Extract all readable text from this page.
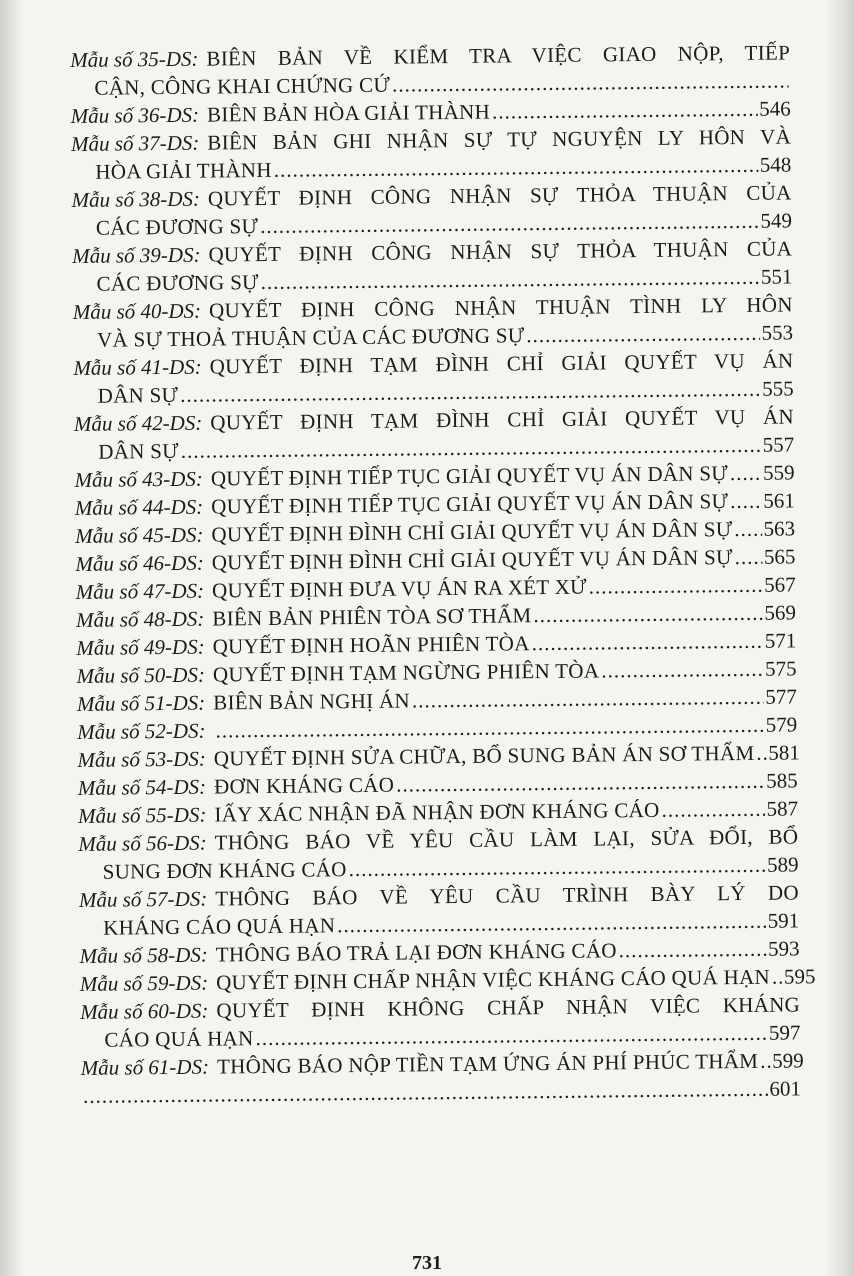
Mẫu số 35-DS: BIÊN BẢN VỀ KIỂM TRA VIỆC GIAO NỘP, TIẾP
CẬN, CÔNG KHAI CHỨNG CỨ
.....
Mẫu số 36-DS: BIÊN BẢN HÒA GIẢI THÀNH .....	546
Mẫu số 37-DS: BIÊN BẢN GHI NHẬN SỰ TỰ NGUYỆN LY HÔN VÀ
HÒA GIẢI THÀNH .....	548
Mẫu số 38-DS: QUYẾT ĐỊNH CÔNG NHẬN SỰ THỎA THUẬN CỦA
CÁC ĐƯƠNG SỰ .....	549
Mẫu số 39-DS: QUYẾT ĐỊNH CÔNG NHẬN SỰ THỎA THUẬN CỦA
CÁC ĐƯƠNG SỰ .....	551
Mẫu số 40-DS: QUYẾT ĐỊNH CÔNG NHẬN THUẬN TÌNH LY HÔN
VÀ SỰ THOẢ THUẬN CỦA CÁC ĐƯƠNG SỰ .....	553
Mẫu số 41-DS: QUYẾT ĐỊNH TẠM ĐÌNH CHỈ GIẢI QUYẾT VỤ ÁN
DÂN SỰ .....	555
Mẫu số 42-DS: QUYẾT ĐỊNH TẠM ĐÌNH CHỈ GIẢI QUYẾT VỤ ÁN
DÂN SỰ .....	557
Mẫu số 43-DS: QUYẾT ĐỊNH TIẾP TỤC GIẢI QUYẾT VỤ ÁN DÂN SỰ ..... 559
Mẫu số 44-DS: QUYẾT ĐỊNH TIẾP TỤC GIẢI QUYẾT VỤ ÁN DÂN SỰ ..... 561
Mẫu số 45-DS: QUYẾT ĐỊNH ĐÌNH CHỈ GIẢI QUYẾT VỤ ÁN DÂN SỰ ..... 563
Mẫu số 46-DS: QUYẾT ĐỊNH ĐÌNH CHỈ GIẢI QUYẾT VỤ ÁN DÂN SỰ ..... 565
Mẫu số 47-DS: QUYẾT ĐỊNH ĐƯA VỤ ÁN RA XÉT XỬ .....	567
Mẫu số 48-DS: BIÊN BẢN PHIÊN TÒA SƠ THẨM .....	569
Mẫu số 49-DS: QUYẾT ĐỊNH HOÃN PHIÊN TÒA .....	571
Mẫu số 50-DS: QUYẾT ĐỊNH TẠM NGỪNG PHIÊN TÒA .....	575
Mẫu số 51-DS: BIÊN BẢN NGHỊ ÁN .....	577
Mẫu số 52-DS: .....	579
Mẫu số 53-DS: QUYẾT ĐỊNH SỬA CHỮA, BỔ SUNG BẢN ÁN SƠ THẨM ..... 581
Mẫu số 54-DS: ĐƠN KHÁNG CÁO .....	585
Mẫu số 55-DS: IẤY XÁC NHẬN ĐÃ NHẬN ĐƠN KHÁNG CÁO .....	587
Mẫu số 56-DS: THÔNG BÁO VỀ YÊU CẦU LÀM LẠI, SỬA ĐỔI, BỔ
SUNG ĐƠN KHÁNG CÁO .....	589
Mẫu số 57-DS: THÔNG BÁO VỀ YÊU CẦU TRÌNH BÀY LÝ DO
KHÁNG CÁO QUÁ HẠN .....	591
Mẫu số 58-DS: THÔNG BÁO TRẢ LẠI ĐƠN KHÁNG CÁO .....	593
Mẫu số 59-DS: QUYẾT ĐỊNH CHẤP NHẬN VIỆC KHÁNG CÁO QUÁ HẠN ..... 595
Mẫu số 60-DS: QUYẾT ĐỊNH KHÔNG CHẤP NHẬN VIỆC KHÁNG
CÁO QUÁ HẠN .....	597
Mẫu số 61-DS: THÔNG BÁO NỘP TIỀN TẠM ỨNG ÁN PHÍ PHÚC THẨM ..... 599
.....
601
731
